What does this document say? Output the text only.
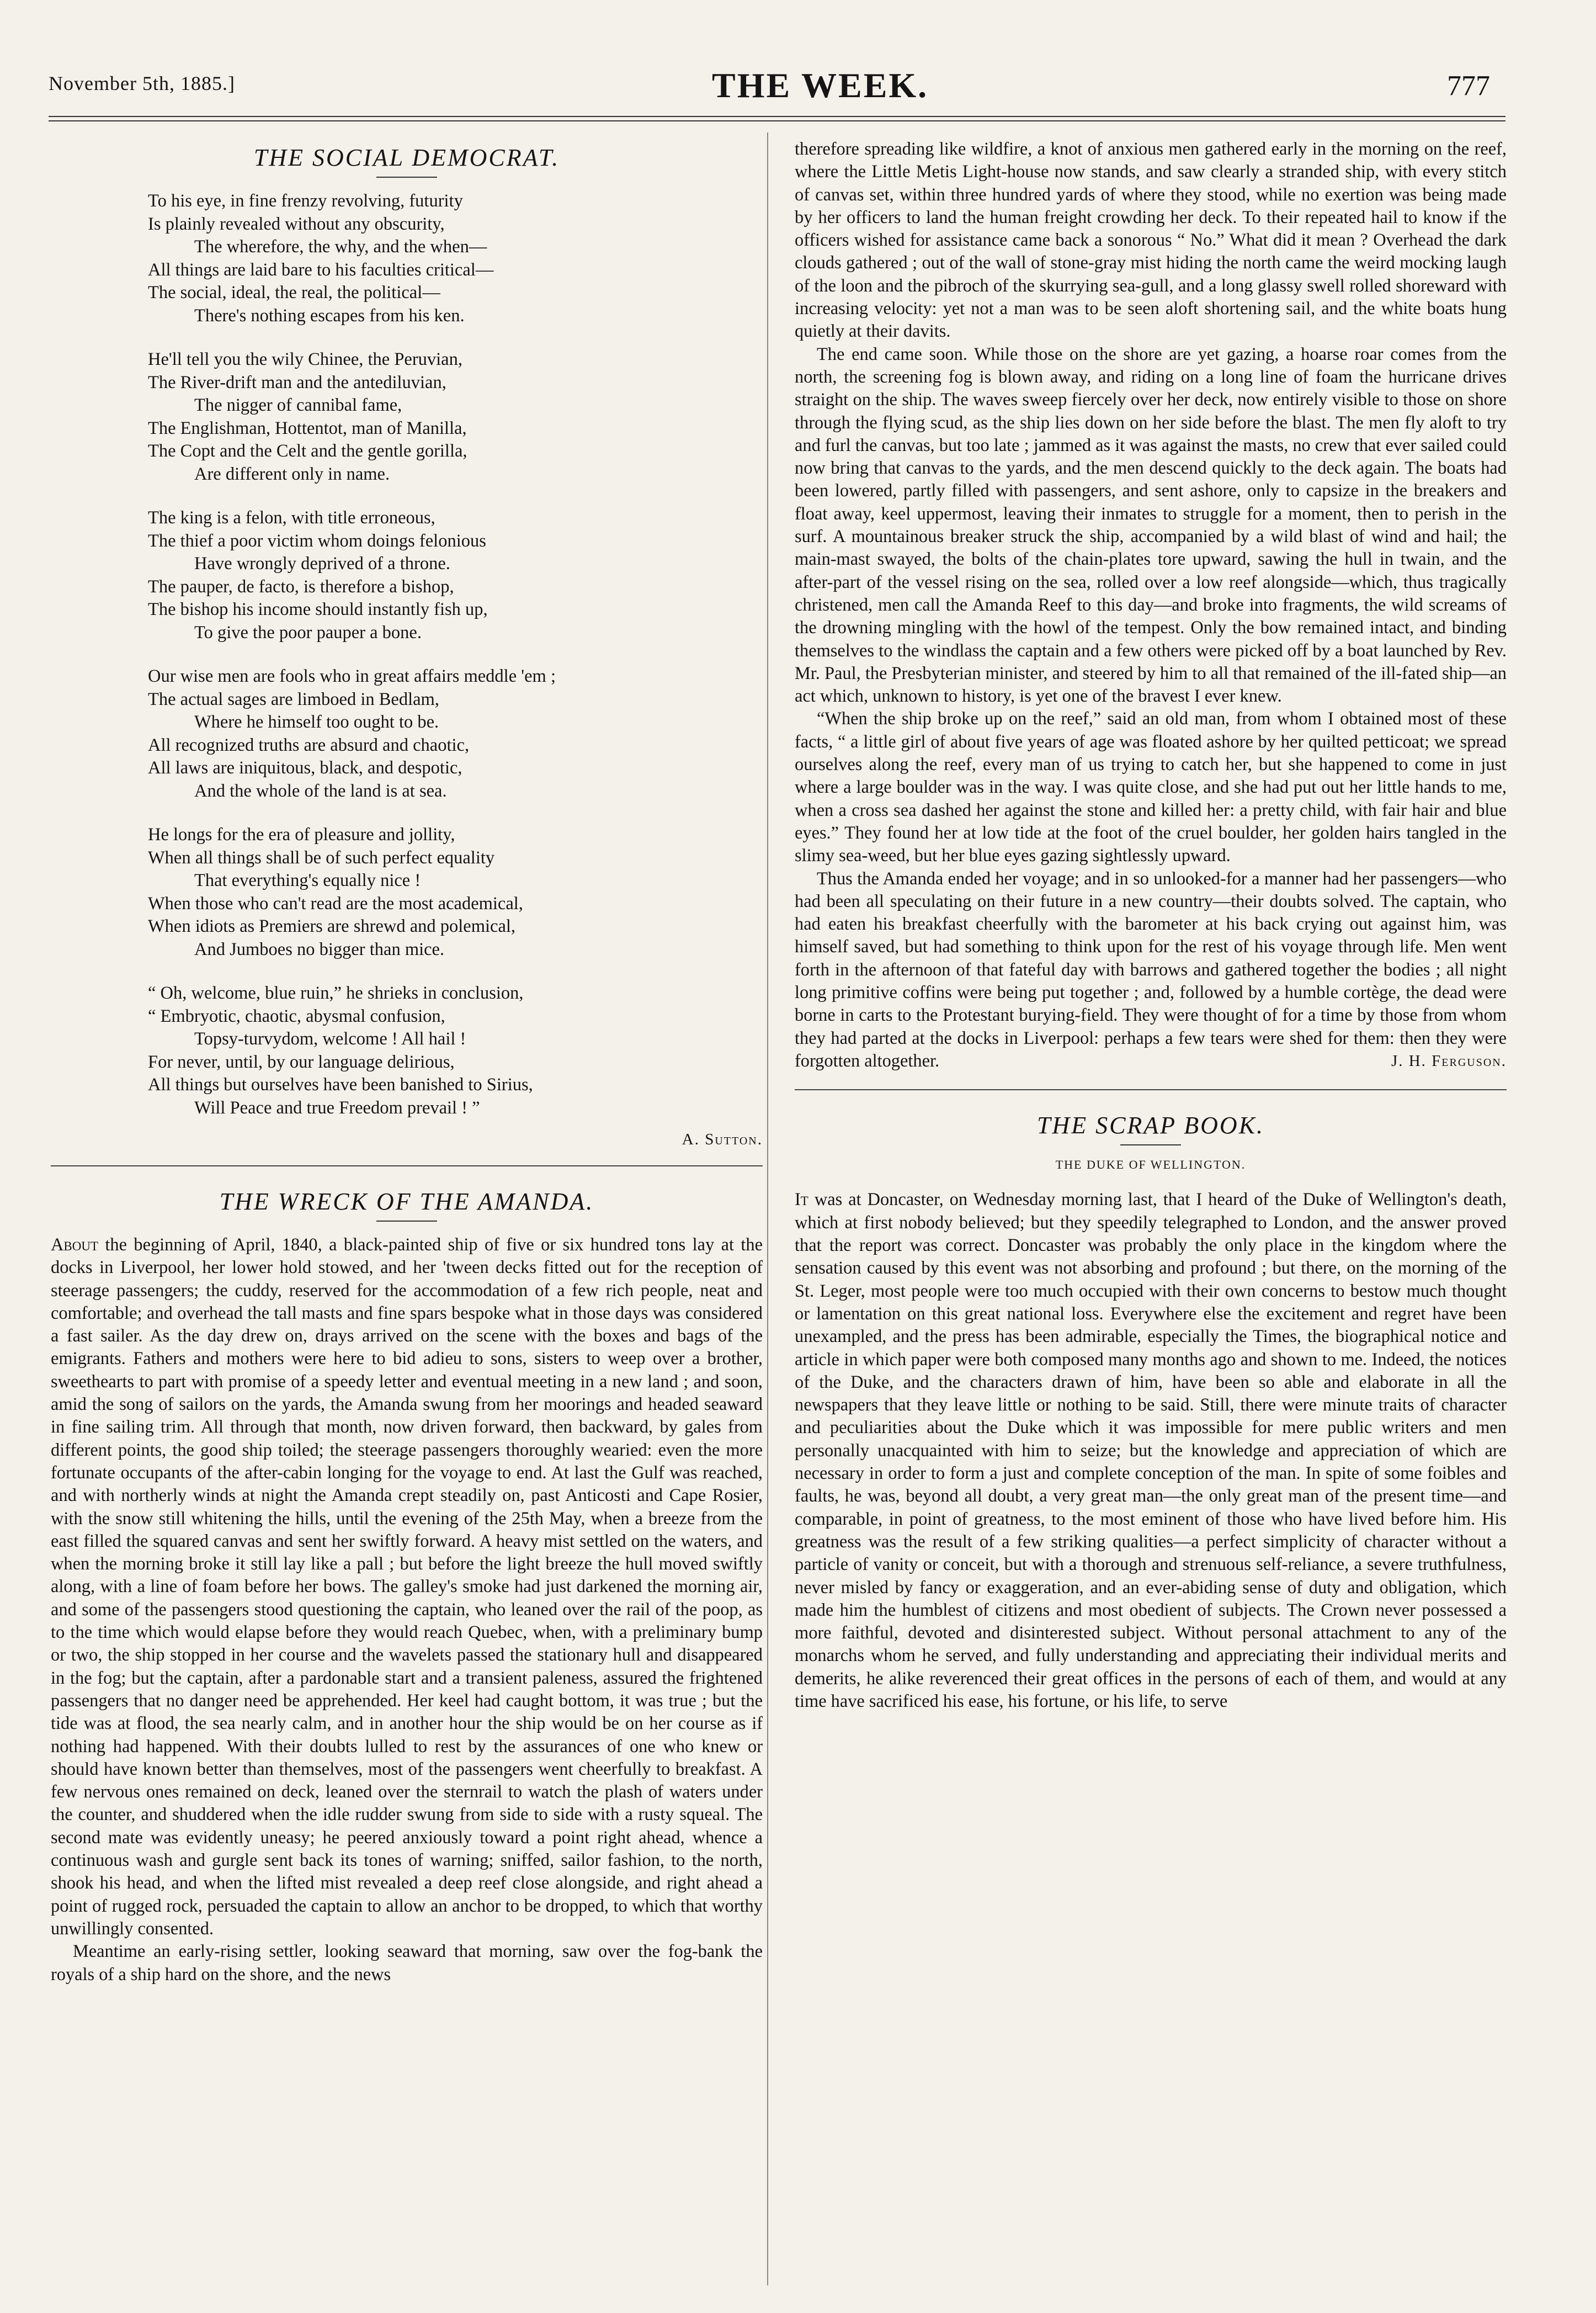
November 5th, 1885.]	THE WEEK.	777
THE SOCIAL DEMOCRAT.
To his eye, in fine frenzy revolving, futurity
Is plainly revealed without any obscurity,
The wherefore, the why, and the when—
All things are laid bare to his faculties critical—
The social, ideal, the real, the political—
There's nothing escapes from his ken.
He'll tell you the wily Chinee, the Peruvian,
The River-drift man and the antediluvian,
The nigger of cannibal fame,
The Englishman, Hottentot, man of Manilla,
The Copt and the Celt and the gentle gorilla,
Are different only in name.
The king is a felon, with title erroneous,
The thief a poor victim whom doings felonious
Have wrongly deprived of a throne.
The pauper, de facto, is therefore a bishop,
The bishop his income should instantly fish up,
To give the poor pauper a bone.
Our wise men are fools who in great affairs meddle 'em ;
The actual sages are limboed in Bedlam,
Where he himself too ought to be.
All recognized truths are absurd and chaotic,
All laws are iniquitous, black, and despotic,
And the whole of the land is at sea.
He longs for the era of pleasure and jollity,
When all things shall be of such perfect equality
That everything's equally nice !
When those who can't read are the most academical,
When idiots as Premiers are shrewd and polemical,
And Jumboes no bigger than mice.
“ Oh, welcome, blue ruin,” he shrieks in conclusion,
“ Embryotic, chaotic, abysmal confusion,
Topsy-turvydom, welcome ! All hail !
For never, until, by our language delirious,
All things but ourselves have been banished to Sirius,
Will Peace and true Freedom prevail ! ”
A. Sutton.
THE WRECK OF THE AMANDA.

About the beginning of April, 1840, a black-painted ship of five or six hundred tons lay at the docks in Liverpool, her lower hold stowed, and her 'tween decks fitted out for the reception of steerage passengers; the cuddy, reserved for the accommodation of a few rich people, neat and comfortable; and overhead the tall masts and fine spars bespoke what in those days was considered a fast sailer. As the day drew on, drays arrived on the scene with the boxes and bags of the emigrants. Fathers and mothers were here to bid adieu to sons, sisters to weep over a brother, sweethearts to part with promise of a speedy letter and eventual meeting in a new land ; and soon, amid the song of sailors on the yards, the Amanda swung from her moorings and headed seaward in fine sailing trim. All through that month, now driven forward, then backward, by gales from different points, the good ship toiled; the steerage passengers thoroughly wearied: even the more fortunate occupants of the after-cabin longing for the voyage to end. At last the Gulf was reached, and with northerly winds at night the Amanda crept steadily on, past Anticosti and Cape Rosier, with the snow still whitening the hills, until the evening of the 25th May, when a breeze from the east filled the squared canvas and sent her swiftly forward. A heavy mist settled on the waters, and when the morning broke it still lay like a pall ; but before the light breeze the hull moved swiftly along, with a line of foam before her bows. The galley's smoke had just darkened the morning air, and some of the passengers stood questioning the captain, who leaned over the rail of the poop, as to the time which would elapse before they would reach Quebec, when, with a preliminary bump or two, the ship stopped in her course and the wavelets passed the stationary hull and disappeared in the fog; but the captain, after a pardonable start and a transient paleness, assured the frightened passengers that no danger need be apprehended. Her keel had caught bottom, it was true ; but the tide was at flood, the sea nearly calm, and in another hour the ship would be on her course as if nothing had happened. With their doubts lulled to rest by the assurances of one who knew or should have known better than themselves, most of the passengers went cheerfully to breakfast. A few nervous ones remained on deck, leaned over the sternrail to watch the plash of waters under the counter, and shuddered when the idle rudder swung from side to side with a rusty squeal. The second mate was evidently uneasy; he peered anxiously toward a point right ahead, whence a continuous wash and gurgle sent back its tones of warning; sniffed, sailor fashion, to the north, shook his head, and when the lifted mist revealed a deep reef close alongside, and right ahead a point of rugged rock, persuaded the captain to allow an anchor to be dropped, to which that worthy unwillingly consented.

Meantime an early-rising settler, looking seaward that morning, saw over the fog-bank the royals of a ship hard on the shore, and the news

therefore spreading like wildfire, a knot of anxious men gathered early in the morning on the reef, where the Little Metis Light-house now stands, and saw clearly a stranded ship, with every stitch of canvas set, within three hundred yards of where they stood, while no exertion was being made by her officers to land the human freight crowding her deck. To their repeated hail to know if the officers wished for assistance came back a sonorous “ No.” What did it mean ? Overhead the dark clouds gathered ; out of the wall of stone-gray mist hiding the north came the weird mocking laugh of the loon and the pibroch of the skurrying sea-gull, and a long glassy swell rolled shoreward with increasing velocity: yet not a man was to be seen aloft shortening sail, and the white boats hung quietly at their davits.

The end came soon. While those on the shore are yet gazing, a hoarse roar comes from the north, the screening fog is blown away, and riding on a long line of foam the hurricane drives straight on the ship. The waves sweep fiercely over her deck, now entirely visible to those on shore through the flying scud, as the ship lies down on her side before the blast. The men fly aloft to try and furl the canvas, but too late ; jammed as it was against the masts, no crew that ever sailed could now bring that canvas to the yards, and the men descend quickly to the deck again. The boats had been lowered, partly filled with passengers, and sent ashore, only to capsize in the breakers and float away, keel uppermost, leaving their inmates to struggle for a moment, then to perish in the surf. A mountainous breaker struck the ship, accompanied by a wild blast of wind and hail; the main-mast swayed, the bolts of the chain-plates tore upward, sawing the hull in twain, and the after-part of the vessel rising on the sea, rolled over a low reef alongside—which, thus tragically christened, men call the Amanda Reef to this day—and broke into fragments, the wild screams of the drowning mingling with the howl of the tempest. Only the bow remained intact, and binding themselves to the windlass the captain and a few others were picked off by a boat launched by Rev. Mr. Paul, the Presbyterian minister, and steered by him to all that remained of the ill-fated ship—an act which, unknown to history, is yet one of the bravest I ever knew.

“When the ship broke up on the reef,” said an old man, from whom I obtained most of these facts, “ a little girl of about five years of age was floated ashore by her quilted petticoat; we spread ourselves along the reef, every man of us trying to catch her, but she happened to come in just where a large boulder was in the way. I was quite close, and she had put out her little hands to me, when a cross sea dashed her against the stone and killed her: a pretty child, with fair hair and blue eyes.” They found her at low tide at the foot of the cruel boulder, her golden hairs tangled in the slimy sea-weed, but her blue eyes gazing sightlessly upward.

Thus the Amanda ended her voyage; and in so unlooked-for a manner had her passengers—who had been all speculating on their future in a new country—their doubts solved. The captain, who had eaten his breakfast cheerfully with the barometer at his back crying out against him, was himself saved, but had something to think upon for the rest of his voyage through life. Men went forth in the afternoon of that fateful day with barrows and gathered together the bodies ; all night long primitive coffins were being put together ; and, followed by a humble cortège, the dead were borne in carts to the Protestant burying-field. They were thought of for a time by those from whom they had parted at the docks in Liverpool: perhaps a few tears were shed for them: then they were forgotten altogether.	J. H. Ferguson.
THE SCRAP BOOK.
THE DUKE OF WELLINGTON.

It was at Doncaster, on Wednesday morning last, that I heard of the Duke of Wellington's death, which at first nobody believed; but they speedily telegraphed to London, and the answer proved that the report was correct. Doncaster was probably the only place in the kingdom where the sensation caused by this event was not absorbing and profound ; but there, on the morning of the St. Leger, most people were too much occupied with their own concerns to bestow much thought or lamentation on this great national loss. Everywhere else the excitement and regret have been unexampled, and the press has been admirable, especially the Times, the biographical notice and article in which paper were both composed many months ago and shown to me. Indeed, the notices of the Duke, and the characters drawn of him, have been so able and elaborate in all the newspapers that they leave little or nothing to be said. Still, there were minute traits of character and peculiarities about the Duke which it was impossible for mere public writers and men personally unacquainted with him to seize; but the knowledge and appreciation of which are necessary in order to form a just and complete conception of the man. In spite of some foibles and faults, he was, beyond all doubt, a very great man—the only great man of the present time—and comparable, in point of greatness, to the most eminent of those who have lived before him. His greatness was the result of a few striking qualities—a perfect simplicity of character without a particle of vanity or conceit, but with a thorough and strenuous self-reliance, a severe truthfulness, never misled by fancy or exaggeration, and an ever-abiding sense of duty and obligation, which made him the humblest of citizens and most obedient of subjects. The Crown never possessed a more faithful, devoted and disinterested subject. Without personal attachment to any of the monarchs whom he served, and fully understanding and appreciating their individual merits and demerits, he alike reverenced their great offices in the persons of each of them, and would at any time have sacrificed his ease, his fortune, or his life, to serve
